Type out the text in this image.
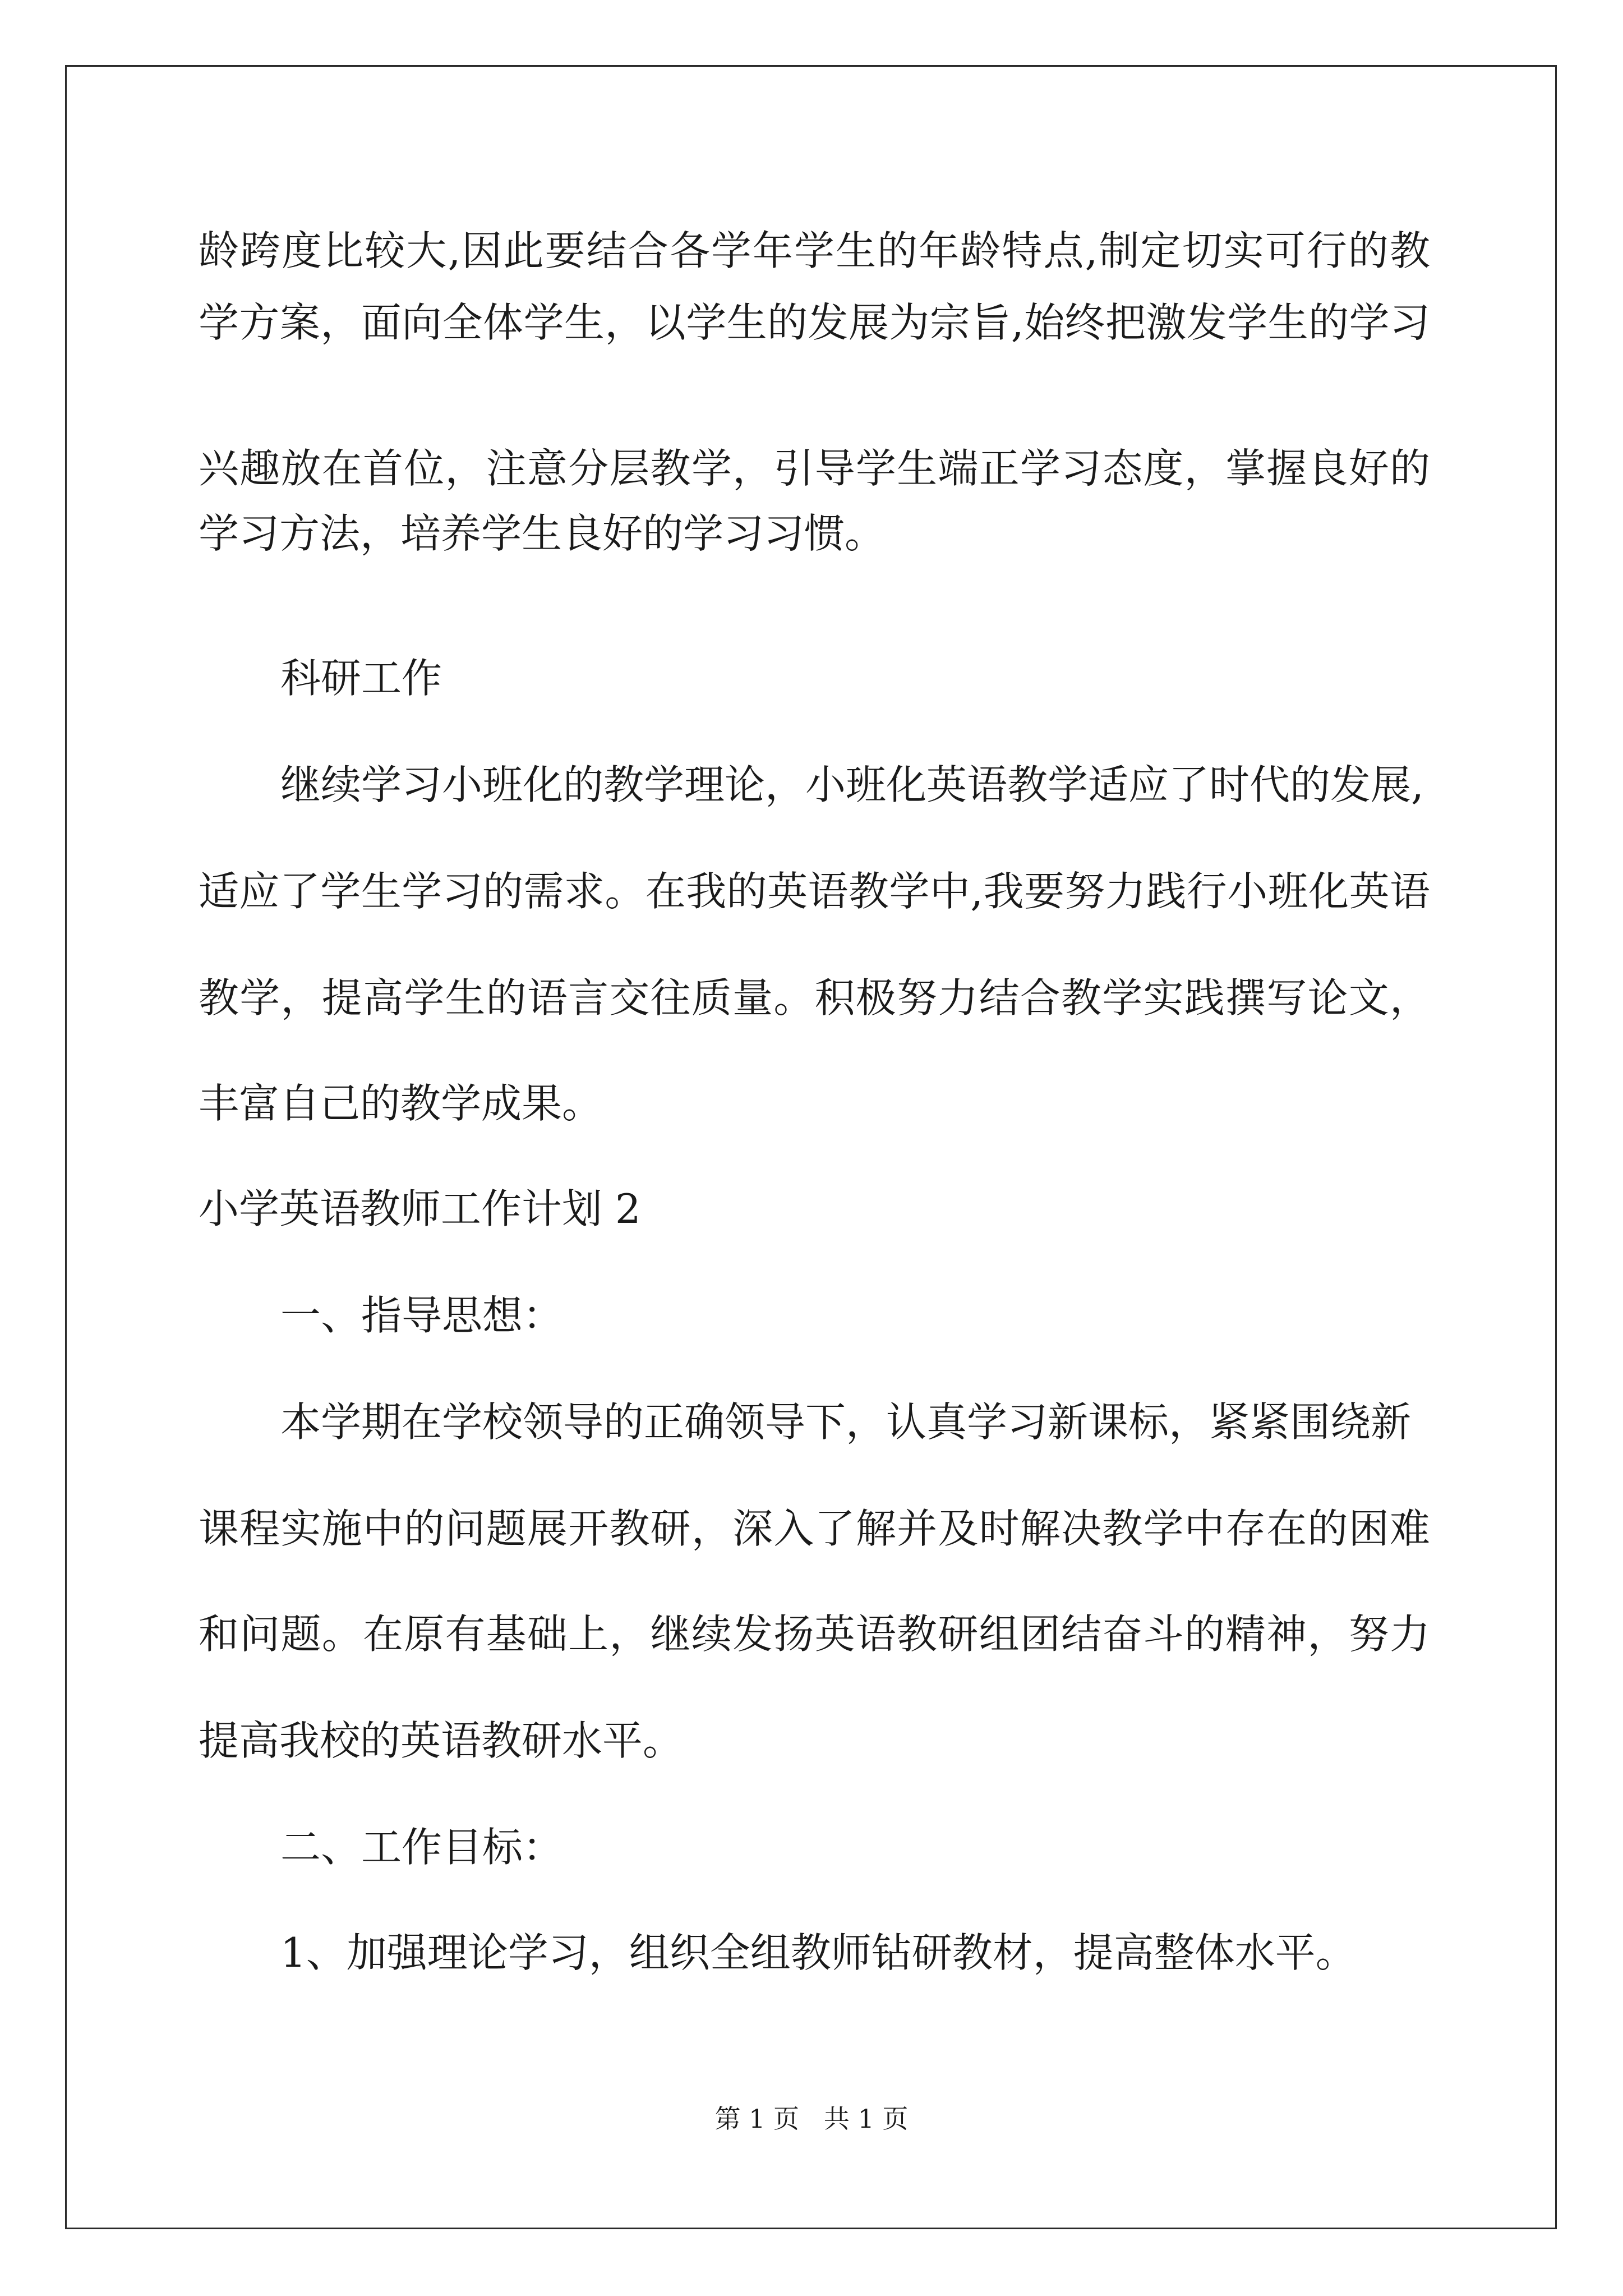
龄跨度比较大,因此要结合各学年学生的年龄特点,制定切实可行的教

学方案，面向全体学生，以学生的发展为宗旨,始终把激发学生的学习

兴趣放在首位，注意分层教学，引导学生端正学习态度，掌握良好的

学习方法，培养学生良好的学习习惯。

科研工作

继续学习小班化的教学理论，小班化英语教学适应了时代的发展,

适应了学生学习的需求。在我的英语教学中,我要努力践行小班化英语

教学，提高学生的语言交往质量。积极努力结合教学实践撰写论文，

丰富自己的教学成果。

小学英语教师工作计划 2

一、指导思想：

本学期在学校领导的正确领导下，认真学习新课标，紧紧围绕新

课程实施中的问题展开教研，深入了解并及时解决教学中存在的困难

和问题。在原有基础上，继续发扬英语教研组团结奋斗的精神，努力

提高我校的英语教研水平。

二、工作目标：

1、加强理论学习，组织全组教师钻研教材，提高整体水平。

第 1 页   共 1 页
